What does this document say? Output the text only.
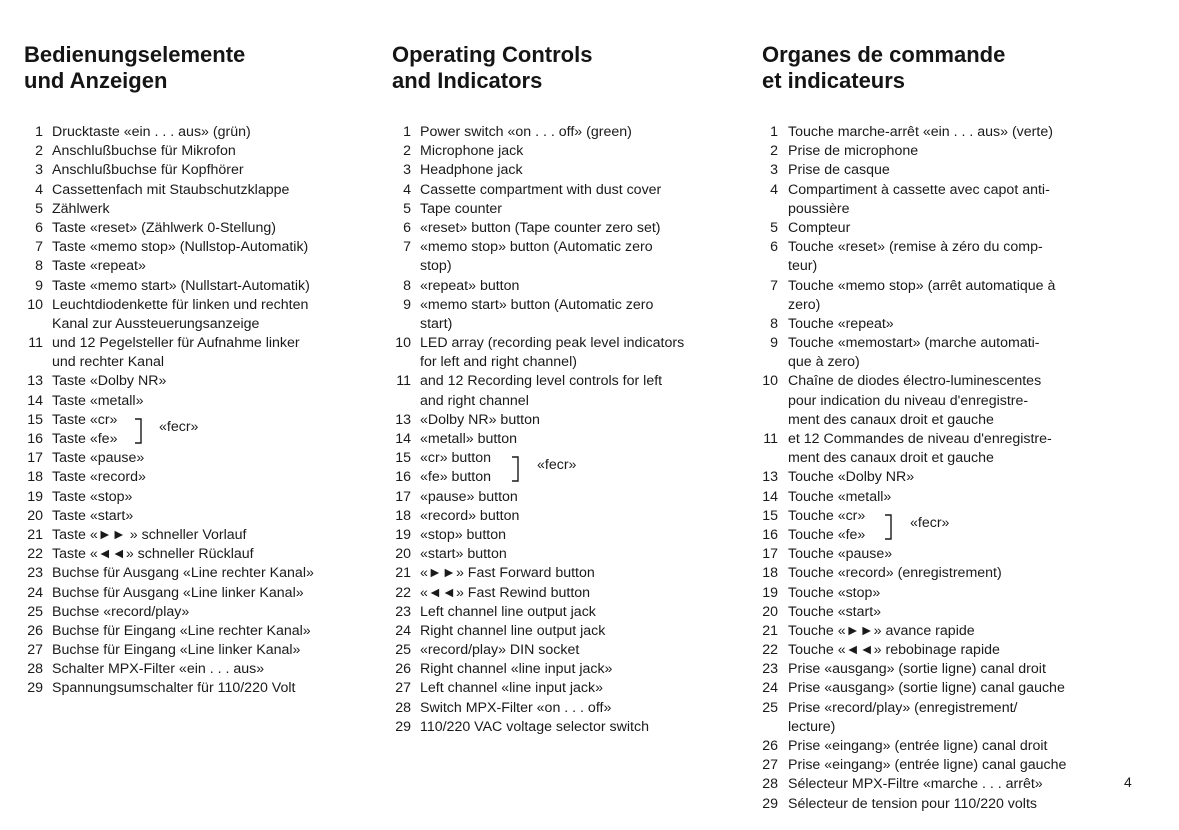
Bedienungselemente
und Anzeigen
1 Drucktaste «ein . . . aus» (grün)
2 Anschlußbuchse für Mikrofon
3 Anschlußbuchse für Kopfhörer
4 Cassettenfach mit Staubschutzklappe
5 Zählwerk
6 Taste «reset» (Zählwerk 0-Stellung)
7 Taste «memo stop» (Nullstop-Automatik)
8 Taste «repeat»
9 Taste «memo start» (Nullstart-Automatik)
10 Leuchtdiodenkette für linken und rechten
Kanal zur Aussteuerungsanzeige
11 und 12 Pegelsteller für Aufnahme linker
und rechter Kanal
13 Taste «Dolby NR»
14 Taste «metall»
15 Taste «cr»
16 Taste «fe»
«fecr»
17 Taste «pause»
18 Taste «record»
19 Taste «stop»
20 Taste «start»
21 Taste «►► » schneller Vorlauf
22 Taste «◄◄» schneller Rücklauf
23 Buchse für Ausgang «Line rechter Kanal»
24 Buchse für Ausgang «Line linker Kanal»
25 Buchse «record/play»
26 Buchse für Eingang «Line rechter Kanal»
27 Buchse für Eingang «Line linker Kanal»
28 Schalter MPX-Filter «ein . . . aus»
29 Spannungsumschalter für 110/220 Volt
Operating Controls
and Indicators
1 Power switch «on . . . off» (green)
2 Microphone jack
3 Headphone jack
4 Cassette compartment with dust cover
5 Tape counter
6 «reset» button (Tape counter zero set)
7 «memo stop» button (Automatic zero
stop)
8 «repeat» button
9 «memo start» button (Automatic zero
start)
10 LED array (recording peak level indicators
for left and right channel)
11 and 12 Recording level controls for left
and right channel
13 «Dolby NR» button
14 «metall» button
15 «cr» button
16 «fe» button
«fecr»
17 «pause» button
18 «record» button
19 «stop» button
20 «start» button
21 «►►» Fast Forward button
22 «◄◄» Fast Rewind button
23 Left channel line output jack
24 Right channel line output jack
25 «record/play» DIN socket
26 Right channel «line input jack»
27 Left channel «line input jack»
28 Switch MPX-Filter «on . . . off»
29 110/220 VAC voltage selector switch
Organes de commande
et indicateurs
1 Touche marche-arrêt «ein . . . aus» (verte)
2 Prise de microphone
3 Prise de casque
4 Compartiment à cassette avec capot anti-
poussière
5 Compteur
6 Touche «reset» (remise à zéro du comp-
teur)
7 Touche «memo stop» (arrêt automatique à
zero)
8 Touche «repeat»
9 Touche «memostart» (marche automati-
que à zero)
10 Chaîne de diodes électro-luminescentes
pour indication du niveau d'enregistre-
ment des canaux droit et gauche
11 et 12 Commandes de niveau d'enregistre-
ment des canaux droit et gauche
13 Touche «Dolby NR»
14 Touche «metall»
15 Touche «cr»
16 Touche «fe»
«fecr»
17 Touche «pause»
18 Touche «record» (enregistrement)
19 Touche «stop»
20 Touche «start»
21 Touche «►►» avance rapide
22 Touche «◄◄» rebobinage rapide
23 Prise «ausgang» (sortie ligne) canal droit
24 Prise «ausgang» (sortie ligne) canal gauche
25 Prise «record/play» (enregistrement/
lecture)
26 Prise «eingang» (entrée ligne) canal droit
27 Prise «eingang» (entrée ligne) canal gauche
28 Sélecteur MPX-Filtre «marche . . . arrêt»
29 Sélecteur de tension pour 110/220 volts
4
